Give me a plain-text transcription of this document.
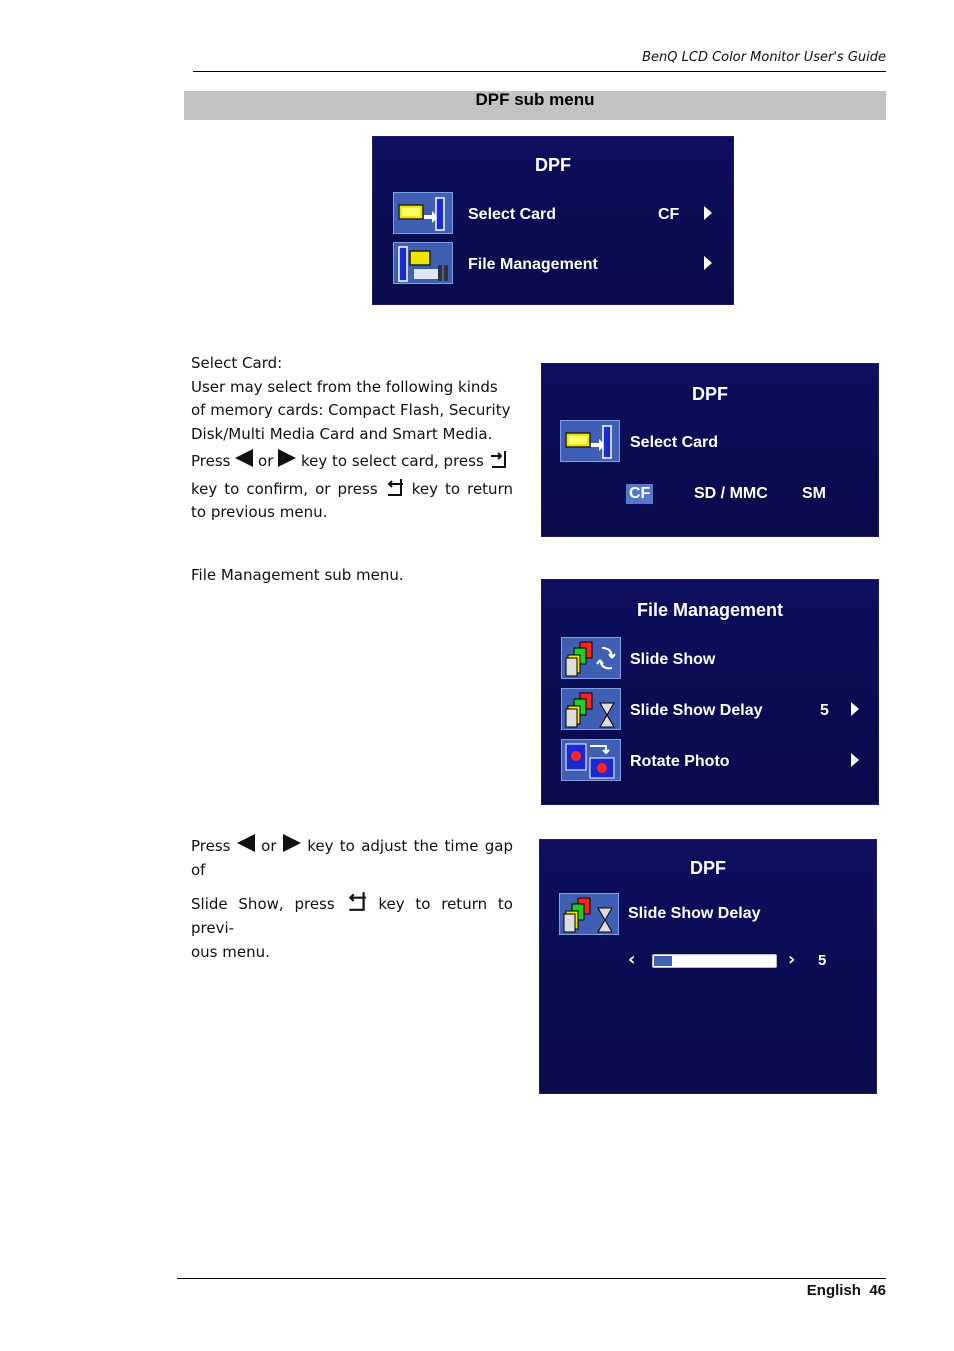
BenQ LCD Color Monitor User's Guide
DPF sub menu
DPF
Select Card	CF
File Management
Select Card:
User may select from the following kinds of memory cards: Compact Flash, Security Disk/Multi Media Card and Smart Media.
Press or key to select card, press
key to confirm, or press key to return to previous menu.
DPF
Select Card
CF	SD / MMC SM
File Management sub menu.
File Management
Slide Show
Slide Show Delay	5
Rotate Photo
Press or key to adjust the time gap of
Slide Show, press	key to return to previ-
ous menu.
DPF
Slide Show Delay
‹	› 5
English 46
